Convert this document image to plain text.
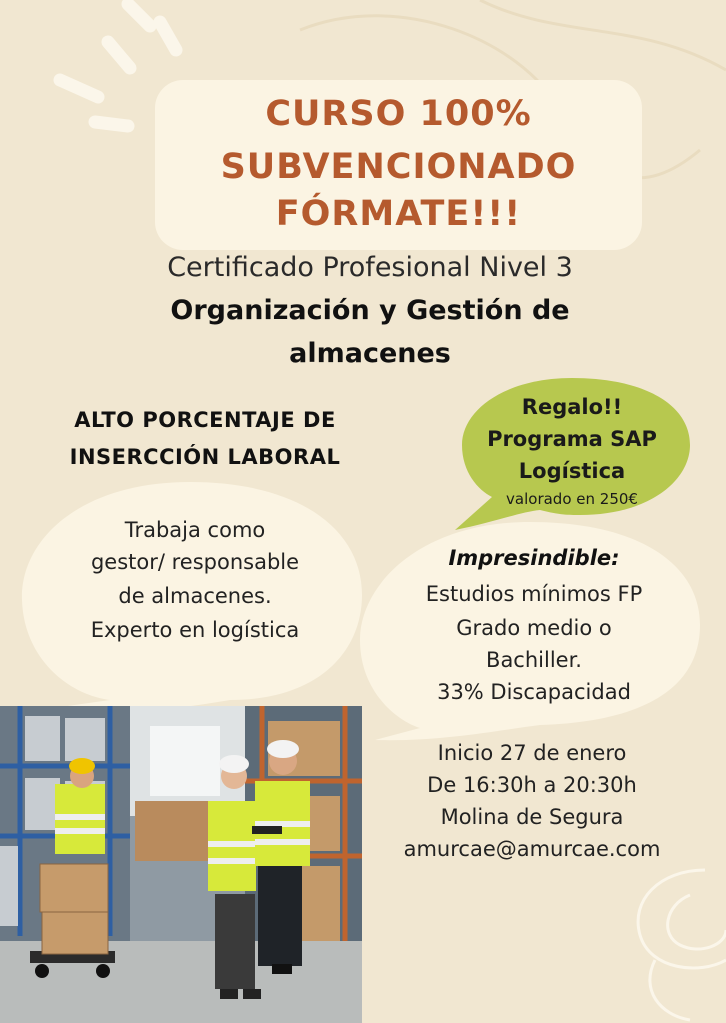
CURSO 100%
SUBVENCIONADO
FÓRMATE!!!
Certificado Profesional Nivel 3
Organización y Gestión de
almacenes
ALTO PORCENTAJE DE
INSERCCIÓN LABORAL
Regalo!!
Programa SAP
Logística
valorado en 250€
Trabaja como
gestor/ responsable
de almacenes.
Experto en logística
Impresindible:
Estudios mínimos FP
Grado medio o
Bachiller.
33% Discapacidad
Inicio 27 de enero
De 16:30h a 20:30h
Molina de Segura
amurcae@amurcae.com
